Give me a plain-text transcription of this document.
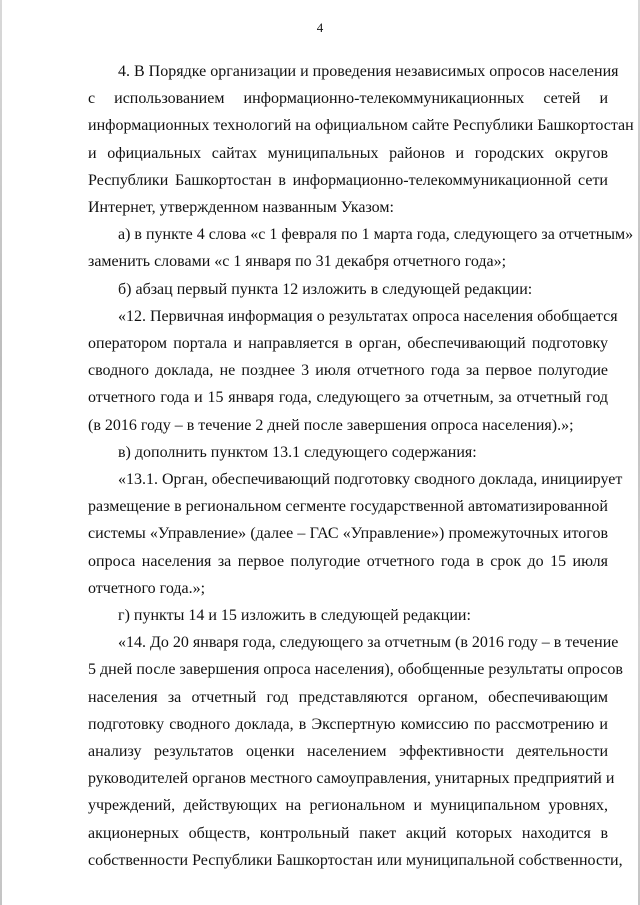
4
4. В Порядке организации и проведения независимых опросов населения
с использованием информационно-телекоммуникационных сетей и
информационных технологий на официальном сайте Республики Башкортостан
и официальных сайтах муниципальных районов и городских округов
Республики Башкортостан в информационно-телекоммуникационной сети
Интернет, утвержденном названным Указом:
а) в пункте 4 слова «с 1 февраля по 1 марта года, следующего за отчетным»
заменить словами «с 1 января по 31 декабря отчетного года»;
б) абзац первый пункта 12 изложить в следующей редакции:
«12. Первичная информация о результатах опроса населения обобщается
оператором портала и направляется в орган, обеспечивающий подготовку
сводного доклада, не позднее 3 июля отчетного года за первое полугодие
отчетного года и 15 января года, следующего за отчетным, за отчетный год
(в 2016 году – в течение 2 дней после завершения опроса населения).»;
в) дополнить пунктом 13.1 следующего содержания:
«13.1. Орган, обеспечивающий подготовку сводного доклада, инициирует
размещение в региональном сегменте государственной автоматизированной
системы «Управление» (далее – ГАС «Управление») промежуточных итогов
опроса населения за первое полугодие отчетного года в срок до 15 июля
отчетного года.»;
г) пункты 14 и 15 изложить в следующей редакции:
«14. До 20 января года, следующего за отчетным (в 2016 году – в течение
5 дней после завершения опроса населения), обобщенные результаты опросов
населения за отчетный год представляются органом, обеспечивающим
подготовку сводного доклада, в Экспертную комиссию по рассмотрению и
анализу результатов оценки населением эффективности деятельности
руководителей органов местного самоуправления, унитарных предприятий и
учреждений, действующих на региональном и муниципальном уровнях,
акционерных обществ, контрольный пакет акций которых находится в
собственности Республики Башкортостан или муниципальной собственности,
